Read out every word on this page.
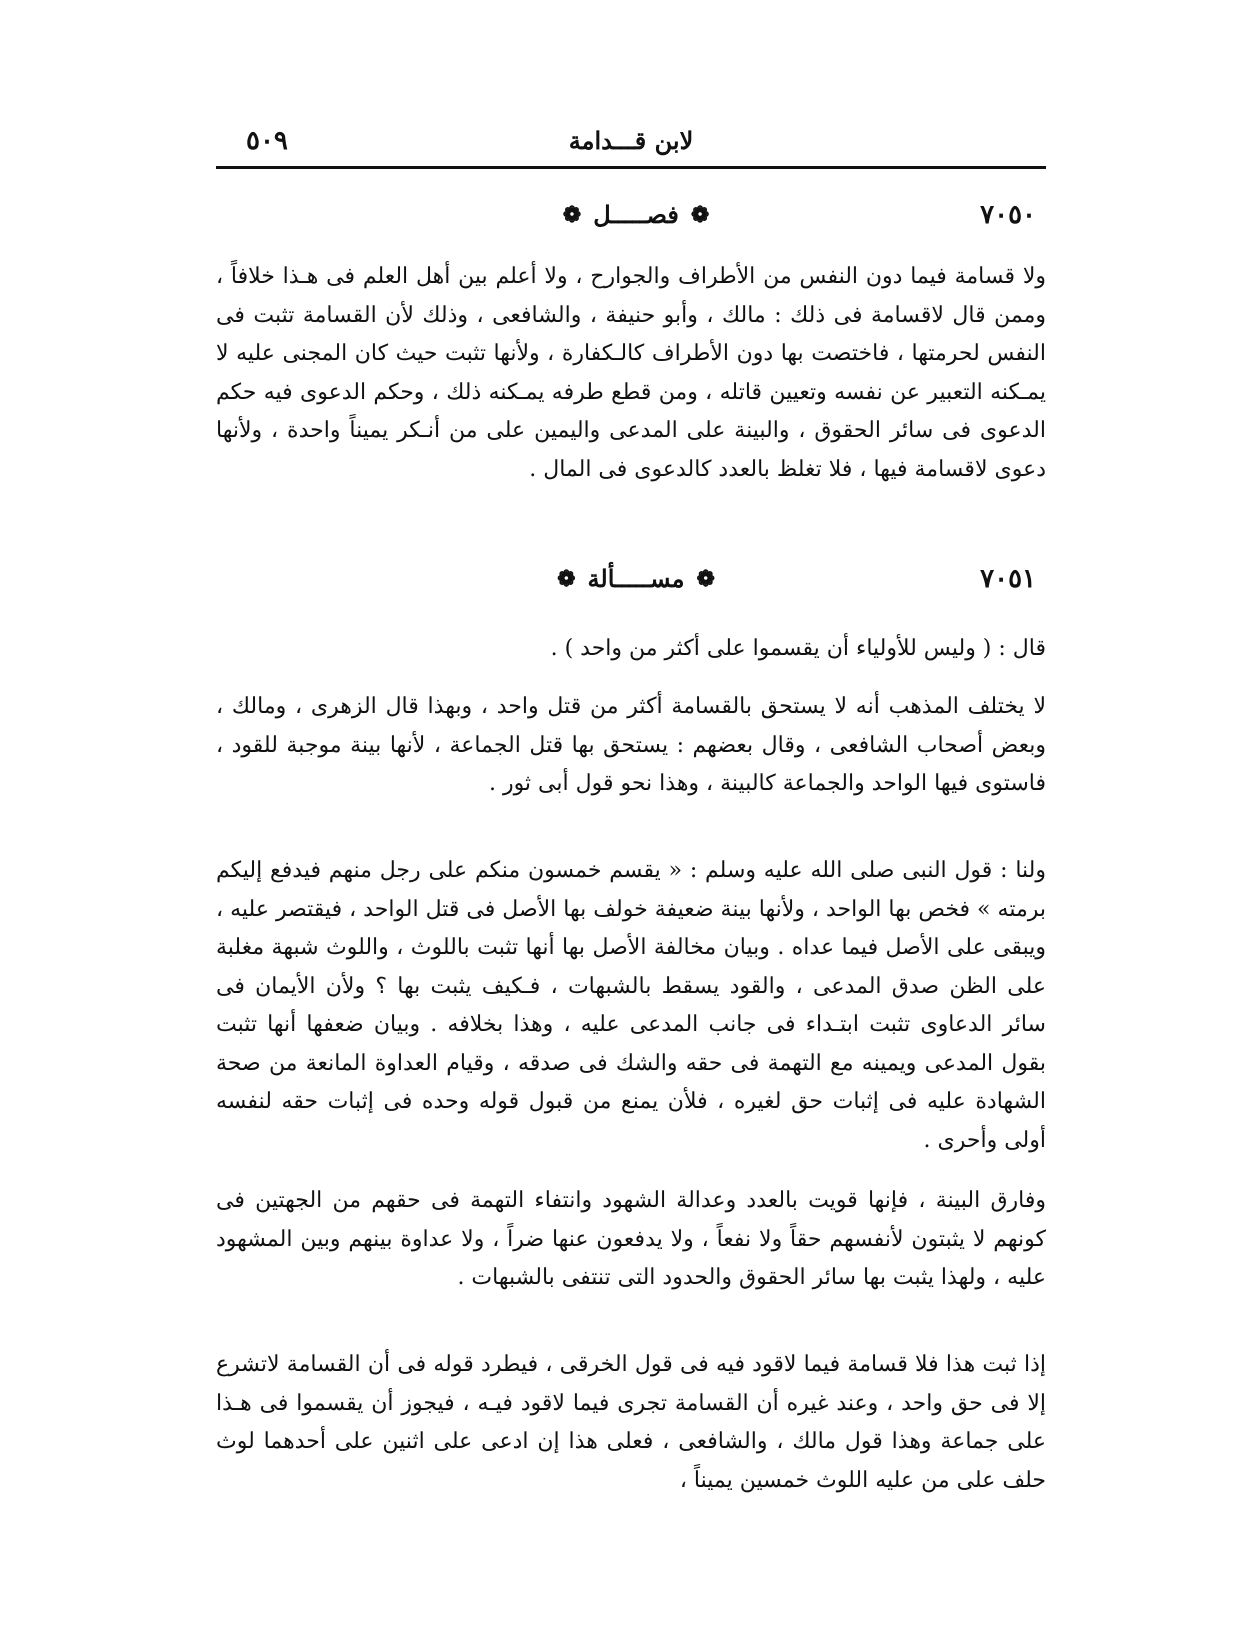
لابن قـــدامة
٥٠٩
٧٠٥٠
❁
فصـــــل
❁
ولا قسامة فيما دون النفس من الأطراف والجوارح ، ولا أعلم بين أهل العلم فى هـذا خلافاً ، وممن قال لاقسامة فى ذلك : مالك ، وأبو حنيفة ، والشافعى ، وذلك لأن القسامة تثبت فى النفس لحرمتها ، فاختصت بها دون الأطراف كالـكفارة ، ولأنها تثبت حيث كان المجنى عليه لا يمـكنه التعبير عن نفسه وتعيين قاتله ، ومن قطع طرفه يمـكنه ذلك ، وحكم الدعوى فيه حكم الدعوى فى سائر الحقوق ، والبينة على المدعى واليمين على من أنـكر يميناً واحدة ، ولأنها دعوى لاقسامة فيها ، فلا تغلظ بالعدد كالدعوى فى المال .
٧٠٥١
❁
مســـــألة
❁
قال : ( وليس للأولياء أن يقسموا على أكثر من واحد ) .
لا يختلف المذهب أنه لا يستحق بالقسامة أكثر من قتل واحد ، وبهذا قال الزهرى ، ومالك ، وبعض أصحاب الشافعى ، وقال بعضهم : يستحق بها قتل الجماعة ، لأنها بينة موجبة للقود ، فاستوى فيها الواحد والجماعة كالبينة ، وهذا نحو قول أبى ثور .
ولنا : قول النبى صلى الله عليه وسلم : « يقسم خمسون منكم على رجل منهم فيدفع إليكم برمته » فخص بها الواحد ، ولأنها بينة ضعيفة خولف بها الأصل فى قتل الواحد ، فيقتصر عليه ، ويبقى على الأصل فيما عداه . وبيان مخالفة الأصل بها أنها تثبت باللوث ، واللوث شبهة مغلبة على الظن صدق المدعى ، والقود يسقط بالشبهات ، فـكيف يثبت بها ؟ ولأن الأيمان فى سائر الدعاوى تثبت ابتـداء فى جانب المدعى عليه ، وهذا بخلافه . وبيان ضعفها أنها تثبت بقول المدعى ويمينه مع التهمة فى حقه والشك فى صدقه ، وقيام العداوة المانعة من صحة الشهادة عليه فى إثبات حق لغيره ، فلأن يمنع من قبول قوله وحده فى إثبات حقه لنفسه أولى وأحرى .
وفارق البينة ، فإنها قويت بالعدد وعدالة الشهود وانتفاء التهمة فى حقهم من الجهتين فى كونهم لا يثبتون لأنفسهم حقاً ولا نفعاً ، ولا يدفعون عنها ضراً ، ولا عداوة بينهم وبين المشهود عليه ، ولهذا يثبت بها سائر الحقوق والحدود التى تنتفى بالشبهات .
إذا ثبت هذا فلا قسامة فيما لاقود فيه فى قول الخرقى ، فيطرد قوله فى أن القسامة لاتشرع إلا فى حق واحد ، وعند غيره أن القسامة تجرى فيما لاقود فيـه ، فيجوز أن يقسموا فى هـذا على جماعة وهذا قول مالك ، والشافعى ، فعلى هذا إن ادعى على اثنين على أحدهما لوث حلف على من عليه اللوث خمسين يميناً ،
